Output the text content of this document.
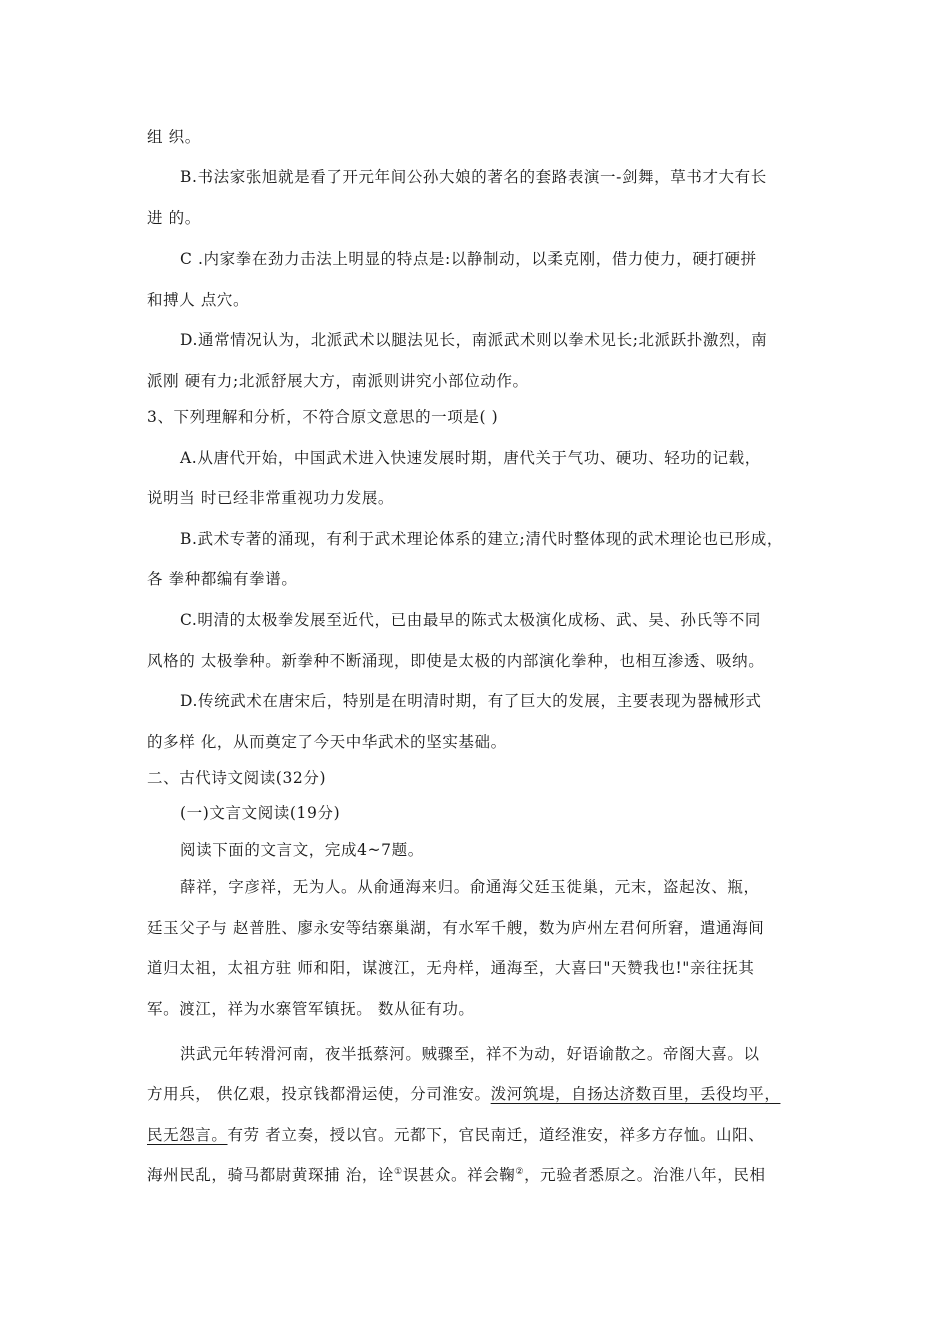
组 织。
B.书法家张旭就是看了开元年间公孙大娘的著名的套路表演一-剑舞，草书才大有长
进 的。
C .内家拳在劲力击法上明显的特点是:以静制动，以柔克刚，借力使力，硬打硬拼
和搏人 点穴。
D.通常情况认为，北派武术以腿法见长，南派武术则以拳术见长;北派跃扑激烈，南
派刚 硬有力;北派舒展大方，南派则讲究小部位动作。
3、下列理解和分析，不符合原文意思的一项是( )
A.从唐代开始，中国武术进入快速发展时期，唐代关于气功、硬功、轻功的记载，
说明当 时已经非常重视功力发展。
B.武术专著的涌现，有利于武术理论体系的建立;清代时整体现的武术理论也已形成，
各 拳种都编有拳谱。
C.明清的太极拳发展至近代，已由最早的陈式太极演化成杨、武、吴、孙氏等不同
风格的 太极拳种。新拳种不断涌现，即使是太极的内部演化拳种，也相互渗透、吸纳。
D.传统武术在唐宋后，特别是在明清时期，有了巨大的发展，主要表现为器械形式
的多样 化，从而奠定了今天中华武术的坚实基础。
二、古代诗文阅读(32分)
(一)文言文阅读(19分)
阅读下面的文言文，完成4~7题。
薛祥，字彦祥，无为人。从俞通海来归。俞通海父廷玉徙巢，元末，盗起汝、瓶，
廷玉父子与 赵普胜、廖永安等结寨巢湖，有水军千艘，数为庐州左君何所窘，遣通海间
道归太祖，太祖方驻 师和阳，谋渡江，无舟样，通海至，大喜曰"天赞我也!"亲往抚其
军。渡江，祥为水寨管军镇抚。 数从征有功。
洪武元年转滑河南，夜半抵蔡河。贼骤至，祥不为动，好语谕散之。帝阁大喜。以
方用兵， 供亿艰，投京钱都滑运使，分司淮安。泼河筑堤，自扬达济数百里，丢役均平，
民无怨言。有劳 者立奏，授以官。元都下，官民南迁，道经淮安，祥多方存恤。山阳、
海州民乱，骑马都尉黄琛捕 治，诠①误甚众。祥会鞠②，元验者悉原之。治淮八年，民相
